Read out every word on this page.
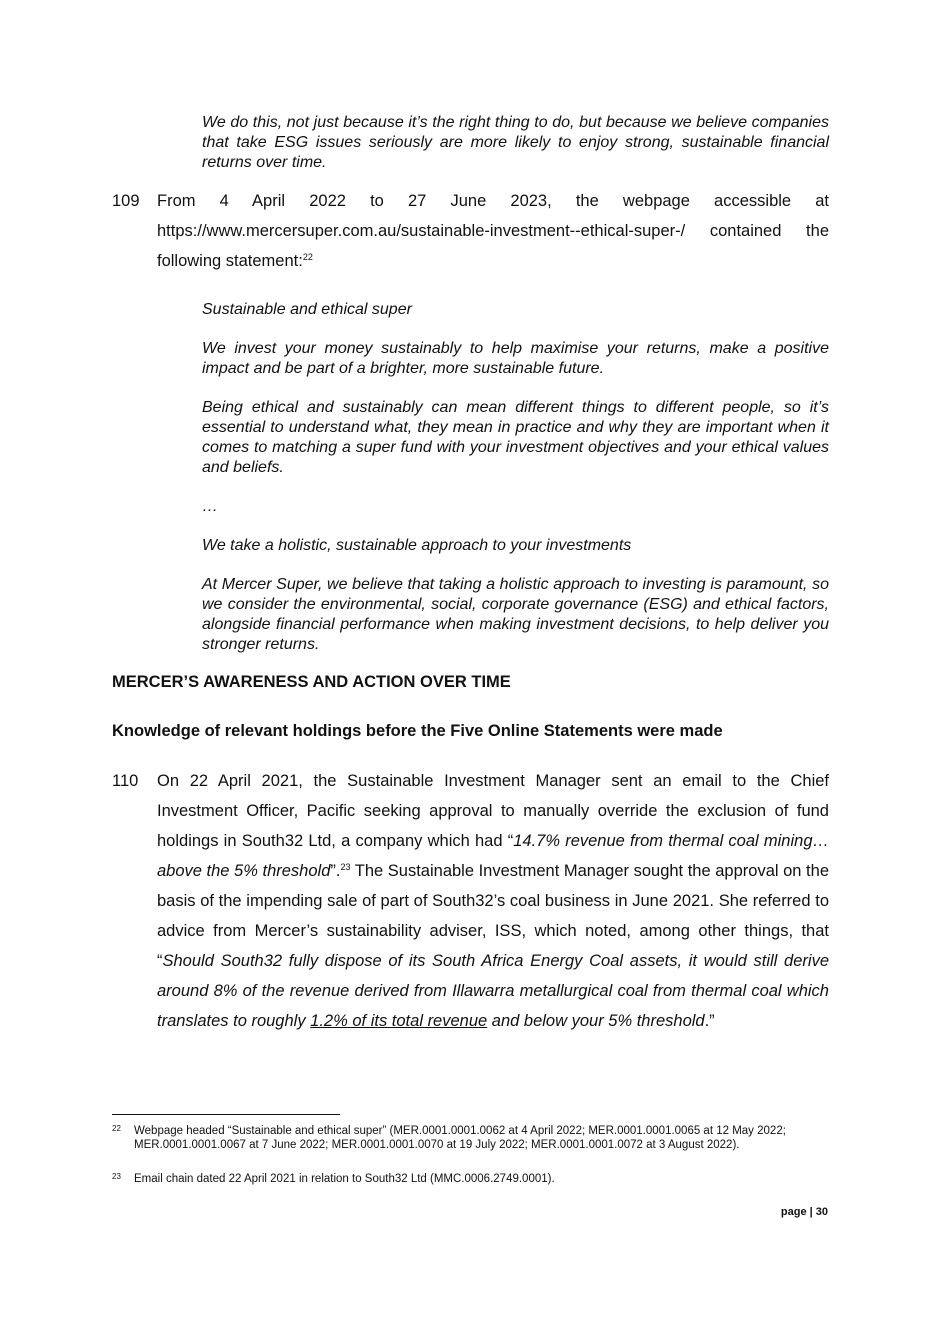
We do this, not just because it’s the right thing to do, but because we believe companies that take ESG issues seriously are more likely to enjoy strong, sustainable financial returns over time.

109 From 4 April 2022 to 27 June 2023, the webpage accessible at
https://www.mercersuper.com.au/sustainable-investment--ethical-super-/ contained the
following statement:$^{22}$

Sustainable and ethical super

We invest your money sustainably to help maximise your returns, make a positive impact and be part of a brighter, more sustainable future.

Being ethical and sustainably can mean different things to different people, so it’s essential to understand what, they mean in practice and why they are important when it comes to matching a super fund with your investment objectives and your ethical values and beliefs.

…

We take a holistic, sustainable approach to your investments

At Mercer Super, we believe that taking a holistic approach to investing is paramount, so we consider the environmental, social, corporate governance (ESG) and ethical factors, alongside financial performance when making investment decisions, to help deliver you stronger returns.

MERCER’S AWARENESS AND ACTION OVER TIME
Knowledge of relevant holdings before the Five Online Statements were made
110 On 22 April 2021, the Sustainable Investment Manager sent an email to the Chief Investment Officer, Pacific seeking approval to manually override the exclusion of fund holdings in South32 Ltd, a company which had “14.7% revenue from thermal coal mining… above the 5% threshold”.$^{23}$ The Sustainable Investment Manager sought the approval on the basis of the impending sale of part of South32’s coal business in June 2021. She referred to advice from Mercer’s sustainability adviser, ISS, which noted, among other things, that “Should South32 fully dispose of its South Africa Energy Coal assets, it would still derive around 8% of the revenue derived from Illawarra metallurgical coal from thermal coal which translates to roughly 1.2% of its total revenue and below your 5% threshold.”
22 Webpage headed “Sustainable and ethical super” (MER.0001.0001.0062 at 4 April 2022; MER.0001.0001.0065 at 12 May 2022; MER.0001.0001.0067 at 7 June 2022; MER.0001.0001.0070 at 19 July 2022; MER.0001.0001.0072 at 3 August 2022).
23 Email chain dated 22 April 2021 in relation to South32 Ltd (MMC.0006.2749.0001).
page | 30
